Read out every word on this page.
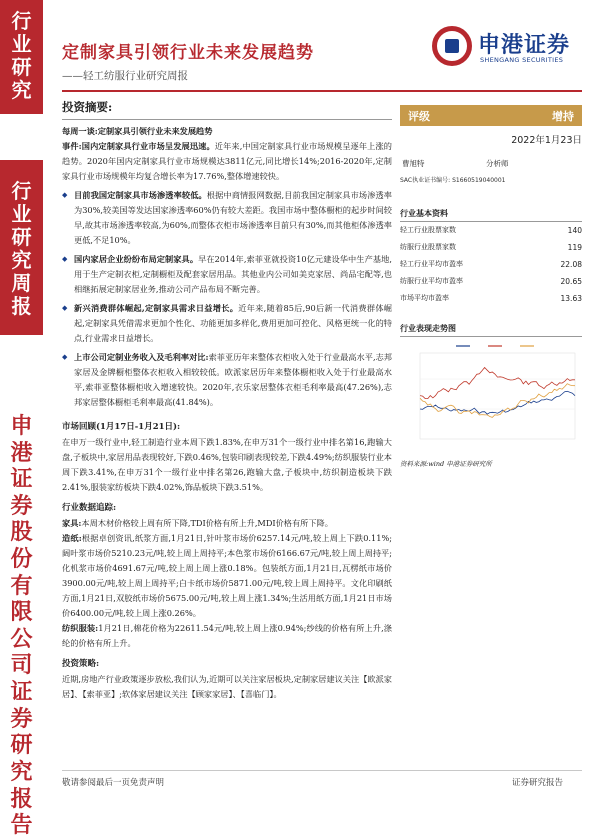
行
业
研
究
行
业
研
究
周
报
申
港
证
券
股
份
有
限
公
司
证
券
研
究
报
告
定制家具引领行业未来发展趋势
——轻工纺服行业研究周报
申港证券
SHENGANG SECURITIES
投资摘要:
每周一谈:定制家具引领行业未来发展趋势
事件:国内定制家具行业市场呈发展迅速。近年来,中国定制家具行业市场规模呈逐年上涨的趋势。2020年国内定制家具行业市场规模达3811亿元,同比增长14%;2016-2020年,定制家具行业市场规模年均复合增长率为17.76%,整体增速较快。
◆ 目前我国定制家具市场渗透率较低。根据中商情报网数据,目前我国定制家具市场渗透率为30%,较美国等发达国家渗透率60%仍有较大差距。我国市场中整体橱柜的起步时间较早,故其市场渗透率较高,为60%,而整体衣柜市场渗透率目前只有30%,而其他柜体渗透率更低,不足10%。
◆ 国内家居企业纷纷布局定制家具。早在2014年,索菲亚就投资10亿元建设华中生产基地,用于生产定制衣柜,定制橱柜及配套家居用品。其他业内公司如美克家居、尚品宅配等,也相继拓展定制家居业务,推动公司产品布局不断完善。
◆ 新兴消费群体崛起,定制家具需求日益增长。近年来,随着85后,90后新一代消费群体崛起,定制家具凭借需求更加个性化、功能更加多样化,费用更加可控化、风格更统一化的特点,行业需求日益增长。
◆ 上市公司定制业务收入及毛利率对比:索菲亚历年来整体衣柜收入处于行业最高水平,志邦家居及金牌橱柜整体衣柜收入相较较低。欧派家居历年来整体橱柜收入处于行业最高水平,索菲亚整体橱柜收入增速较快。2020年,衣乐家居整体衣柜毛利率最高(47.26%),志邦家居整体橱柜毛利率最高(41.84%)。
市场回顾(1月17日-1月21日):
在申万一级行业中,轻工制造行业本周下跌1.83%,在申万31个一级行业中排名第16,跑输大盘,子板块中,家居用品表现较好,下跌0.46%,包装印刷表现较差,下跌4.49%;纺织服装行业本周下跌3.41%,在申万31个一级行业中排名第26,跑输大盘,子板块中,纺织制造板块下跌2.41%,服装家纺板块下跌4.02%,饰品板块下跌3.51%。
行业数据追踪:
家具:本周木材价格较上周有所下降,TDI价格有所上升,MDI价格有所下降。
造纸:根据卓创资讯,纸浆方面,1月21日,针叶浆市场价6257.14元/吨,较上周上下跌0.11%;阔叶浆市场价5210.23元/吨,较上周上周持平;本色浆市场价6166.67元/吨,较上周上周持平;化机浆市场价4691.67元/吨,较上周上周上涨0.18%。包装纸方面,1月21日,瓦楞纸市场价3900.00元/吨,较上周上周持平;白卡纸市场价5871.00元/吨,较上周上周持平。文化印刷纸方面,1月21日,双胶纸市场价5675.00元/吨,较上周上涨1.34%;生活用纸方面,1月21日市场价6400.00元/吨,较上周上涨0.26%。
纺织服装:1月21日,棉花价格为22611.54元/吨,较上周上涨0.94%;纱线的价格有所上升,涤纶的价格有所上升。
投资策略:
近期,房地产行业政策逐步放松,我们认为,近期可以关注家居板块,定制家居建议关注【欧派家居】、【索菲亚】;软体家居建议关注【顾家家居】、【喜临门】。
评级	增持
2022年1月23日
曹旭特	分析师
SAC执业证书编号: S1660519040001
行业基本资料
轻工行业股票家数	140
纺服行业股票家数	119
轻工行业平均市盈率	22.08
纺服行业平均市盈率	20.65
市场平均市盈率	13.63
行业表现走势图
资料来源:wind 申港证券研究所
敬请参阅最后一页免责声明	证券研究报告
